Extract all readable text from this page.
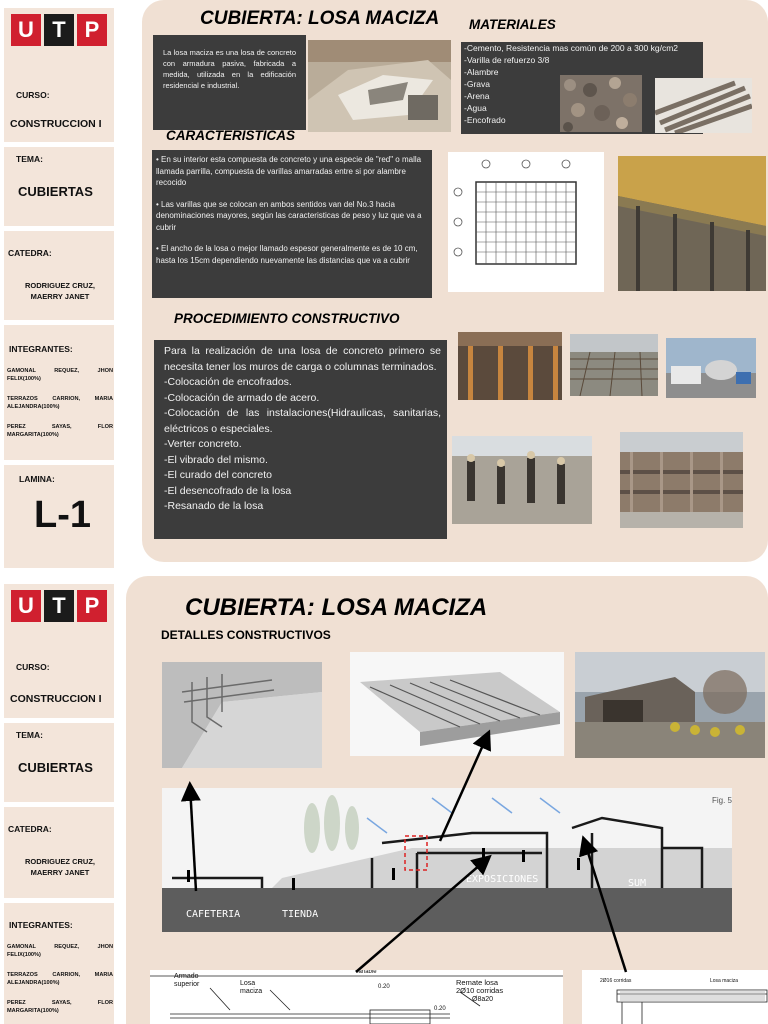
U T P
CURSO:
CONSTRUCCION I
TEMA:
CUBIERTAS
CATEDRA:
RODRIGUEZ CRUZ,
MAERRY JANET
INTEGRANTES:
GAMONAL REQUEZ, JHON FELIX(100%)
TERRAZOS CARRION, MARIA ALEJANDRA(100%)
PEREZ SAYAS, FLOR MARGARITA(100%)
LAMINA:
L-1
CUBIERTA: LOSA MACIZA MATERIALES
La losa maciza es una losa de concreto con armadura pasiva, fabricada a medida, utilizada en la edificación residencial e industrial.
-Cemento, Resistencia mas común de 200 a 300 kg/cm2
-Varilla de refuerzo 3/8
-Alambre
-Grava
-Arena
-Agua
-Encofrado
CARACTERISTICAS
• En su interior esta compuesta de concreto y una especie de "red" o malla llamada parrilla, compuesta de varillas amarradas entre si por alambre recocido
• Las varillas que se colocan en ambos sentidos van del No.3 hacia denominaciones mayores, según las caracteristicas de peso y luz que va a cubrir
• El ancho de la losa o mejor llamado espesor generalmente es de 10 cm, hasta los 15cm dependiendo nuevamente las distancias que va a cubrir
PROCEDIMIENTO CONSTRUCTIVO
Para la realización de una losa de concreto primero se necesita tener los muros de carga o columnas terminados.
-Colocación de encofrados.
-Colocación de armado de acero.
-Colocación de las instalaciones(Hidraulicas, sanitarias, eléctricos o especiales.
-Verter concreto.
-El vibrado del mismo.
-El curado del concreto
-El desencofrado de la losa
-Resanado de la losa
U T P
CURSO:
CONSTRUCCION I
TEMA:
CUBIERTAS
CATEDRA:
RODRIGUEZ CRUZ,
MAERRY JANET
INTEGRANTES:
GAMONAL REQUEZ, JHON FELIX(100%)
TERRAZOS CARRION, MARIA ALEJANDRA(100%)
PEREZ SAYAS, FLOR MARGARITA(100%)
CUBIERTA: LOSA MACIZA
DETALLES CONSTRUCTIVOS
CAFETERIA	TIENDA
EXPOSICIONES	SUM
Fig. 5
Armado superior	Losa maciza
Variable
Remate losa
2Ø10 corridas
Ø8a20
0.20
0.20
2Ø16 corridas	Losa maciza
